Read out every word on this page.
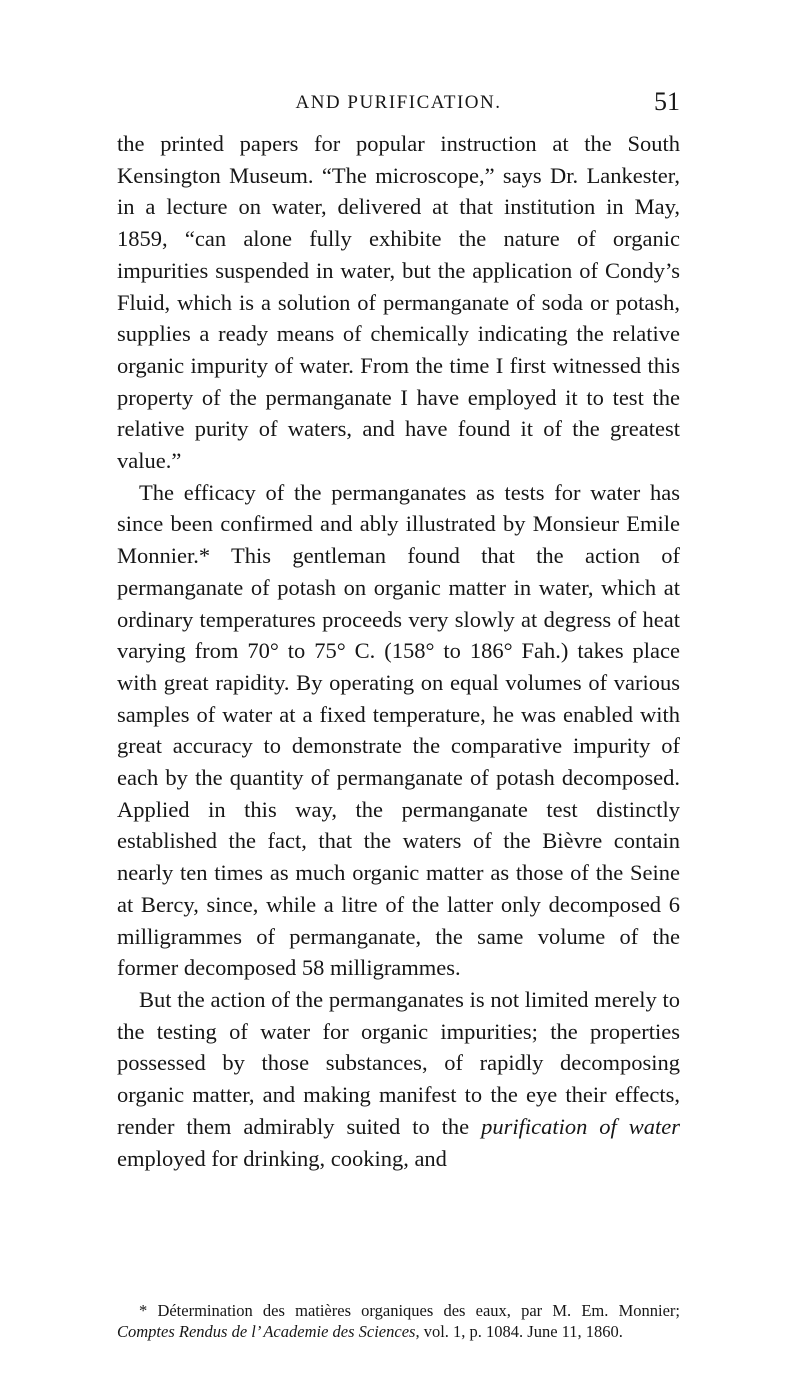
AND PURIFICATION.	51

the printed papers for popular instruction at the South Kensington Museum. “The microscope,” says Dr. Lankester, in a lecture on water, delivered at that institution in May, 1859, “can alone fully exhibite the nature of organic impurities suspended in water, but the application of Condy’s Fluid, which is a solution of permanganate of soda or potash, supplies a ready means of chemically indicating the relative organic impurity of water. From the time I first witnessed this property of the permanganate I have employed it to test the relative purity of waters, and have found it of the greatest value.”

The efficacy of the permanganates as tests for water has since been confirmed and ably illustrated by Monsieur Emile Monnier.* This gentleman found that the action of permanganate of potash on organic matter in water, which at ordinary temperatures proceeds very slowly at degress of heat varying from 70° to 75° C. (158° to 186° Fah.) takes place with great rapidity. By operating on equal volumes of various samples of water at a fixed temperature, he was enabled with great accuracy to demonstrate the comparative impurity of each by the quantity of permanganate of potash decomposed. Applied in this way, the permanganate test distinctly established the fact, that the waters of the Bièvre contain nearly ten times as much organic matter as those of the Seine at Bercy, since, while a litre of the latter only decomposed 6 milligrammes of permanganate, the same volume of the former decomposed 58 milligrammes.

But the action of the permanganates is not limited merely to the testing of water for organic impurities; the properties possessed by those substances, of rapidly decomposing organic matter, and making manifest to the eye their effects, render them admirably suited to the purification of water employed for drinking, cooking, and

* Détermination des matières organiques des eaux, par M. Em. Monnier; Comptes Rendus de l’ Academie des Sciences, vol. 1, p. 1084. June 11, 1860.
